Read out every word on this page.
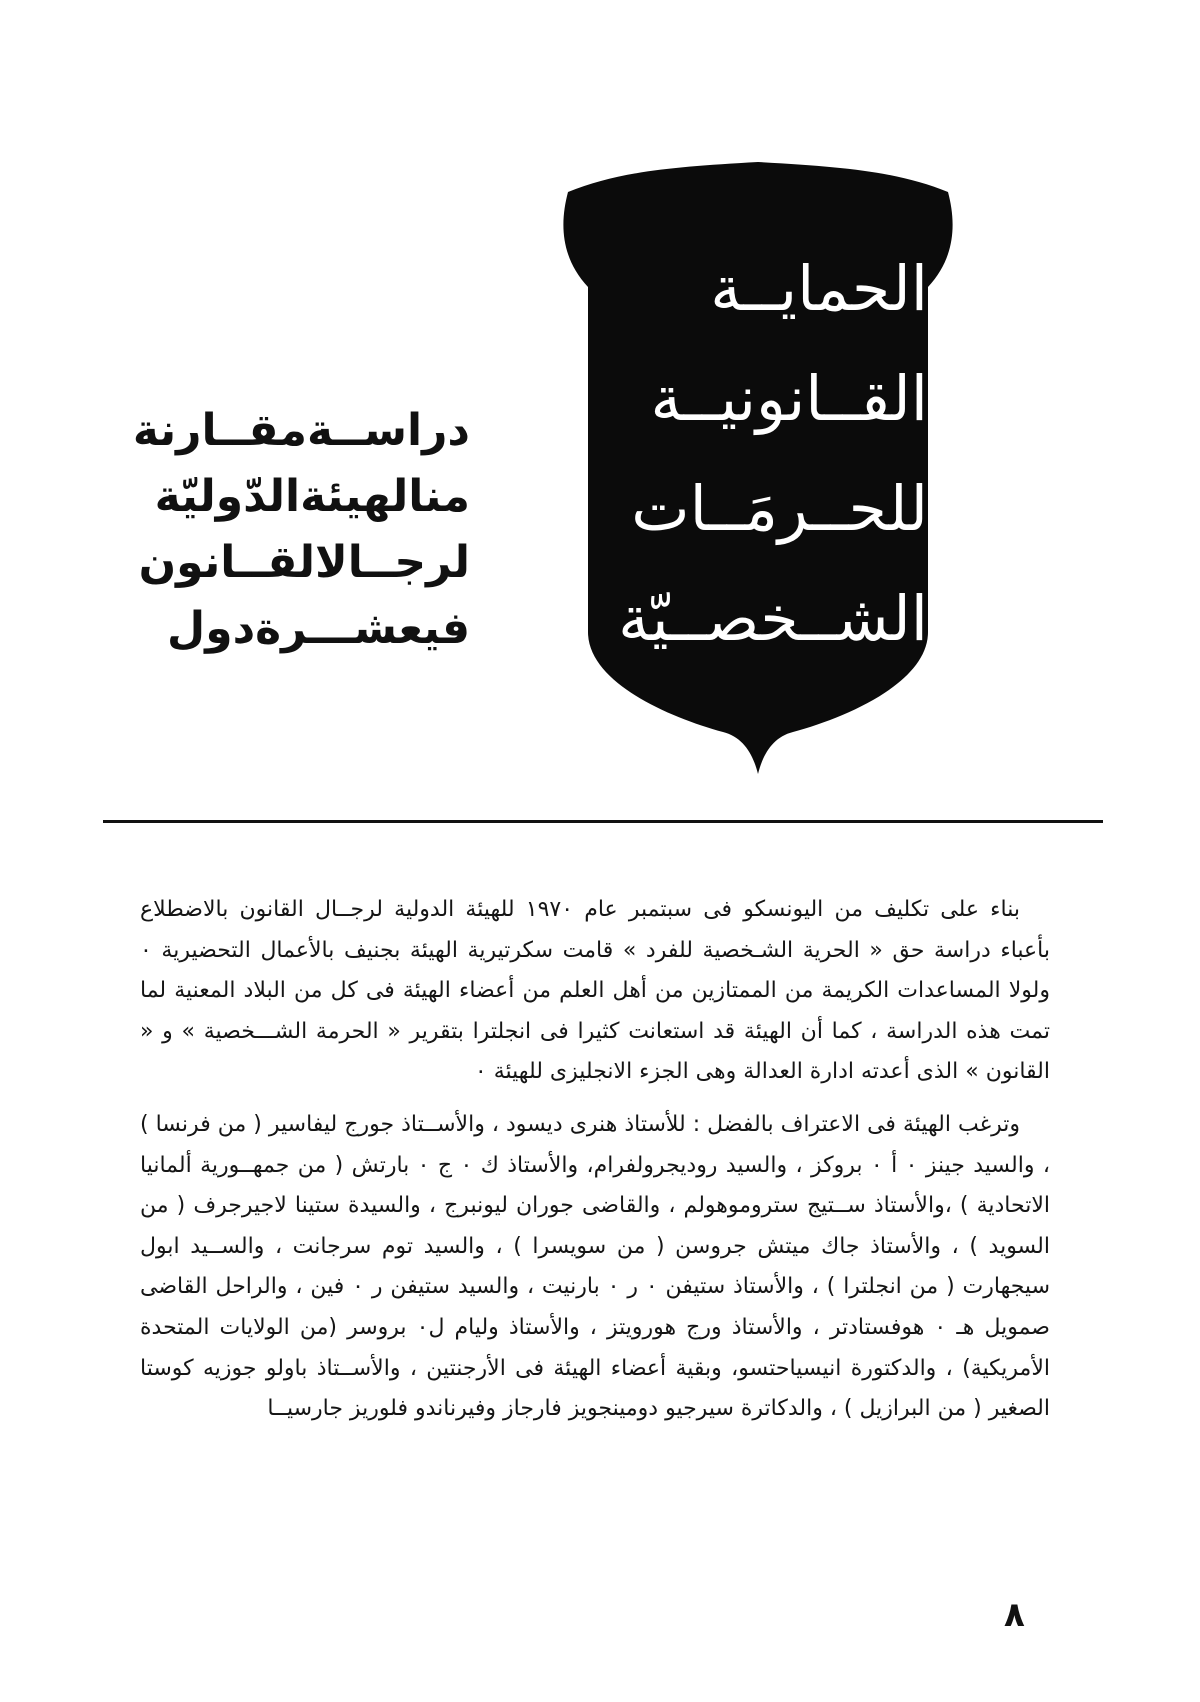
الحمايــة
القــانونيــة
للحــرمَــات
الشــخصــيّة
دراســةمقــارنة
منالهيئةالدّوليّة
لرجــالالقــانون
فيعشـــرةدول

بناء على تكليف من اليونسكو فى سبتمبر عام ١٩٧٠ للهيئة الدولية لرجــال القانون بالاضطلاع بأعباء دراسة حق « الحرية الشـخصية للفرد » قامت سكرتيرية الهيئة بجنيف بالأعمال التحضيرية ٠ ولولا المساعدات الكريمة من الممتازين من أهل العلم من أعضاء الهيئة فى كل من البلاد المعنية لما تمت هذه الدراسة ، كما أن الهيئة قد استعانت كثيرا فى انجلترا بتقرير « الحرمة الشـــخصية » و « القانون » الذى أعدته ادارة العدالة وهى الجزء الانجليزى للهيئة ٠

وترغب الهيئة فى الاعتراف بالفضل : للأستاذ هنرى ديسود ، والأســتاذ جورج ليفاسير ( من فرنسا ) ، والسيد جينز ٠ أ ٠ بروكز ، والسيد روديجرولفرام، والأستاذ ك ٠ ج ٠ بارتش ( من جمهــورية ألمانيا الاتحادية ) ،والأستاذ ســتيج ستروموهولم ، والقاضى جوران ليونبرج ، والسيدة ستينا لاجيرجرف ( من السويد ) ، والأستاذ جاك ميتش جروسن ( من سويسرا ) ، والسيد توم سرجانت ، والســيد ابول سيجهارت ( من انجلترا ) ، والأستاذ ستيفن ٠ ر ٠ بارنيت ، والسيد ستيفن ر ٠ فين ، والراحل القاضى صمويل هـ ٠ هوفستادتر ، والأستاذ ورج هورويتز ، والأستاذ وليام ل٠ بروسر (من الولايات المتحدة الأمريكية) ، والدكتورة انيسياحتسو، وبقية أعضاء الهيئة فى الأرجنتين ، والأســتاذ باولو جوزيه كوستا الصغير ( من البرازيل ) ، والدكاترة سيرجيو دومينجويز فارجاز وفيرناندو فلوريز جارسيــا

٨
